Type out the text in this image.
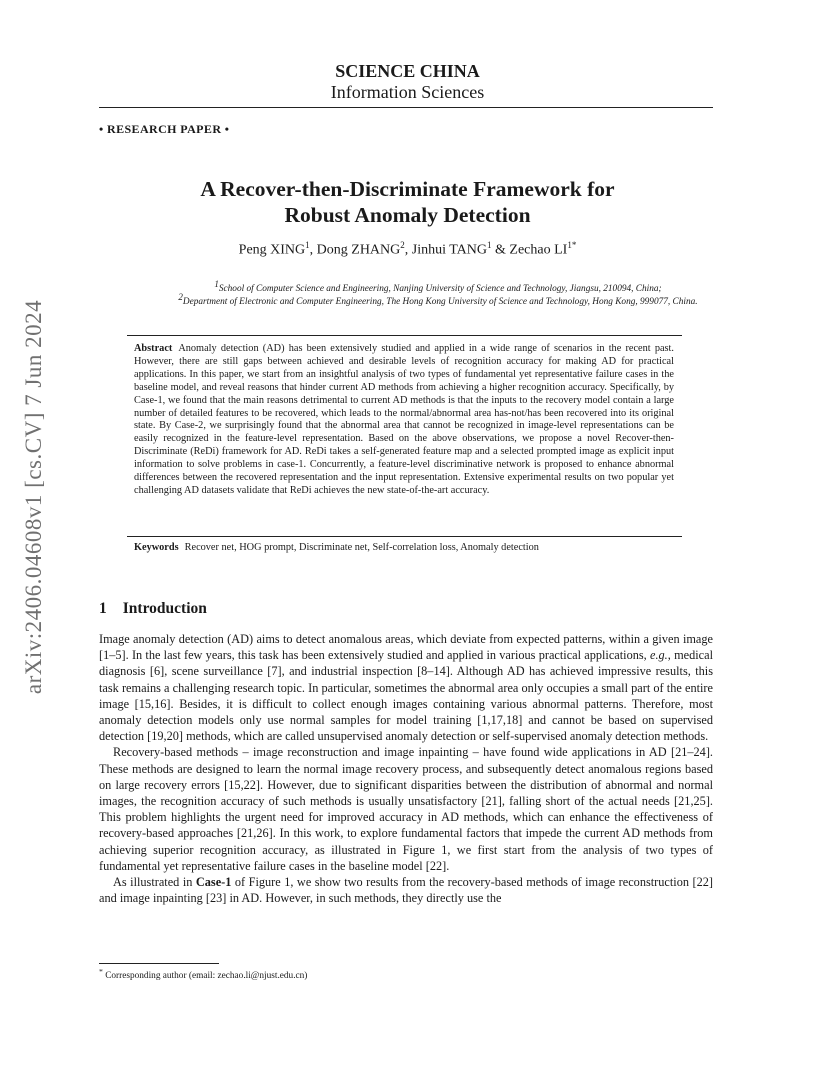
arXiv:2406.04608v1 [cs.CV] 7 Jun 2024
SCIENCE CHINA
Information Sciences
• RESEARCH PAPER •
A Recover-then-Discriminate Framework for
Robust Anomaly Detection
Peng XING$^1$, Dong ZHANG$^2$, Jinhui TANG$^1$ & Zechao $LI^{1*}$
$^1$School of Computer Science and Engineering, Nanjing University of Science and Technology, Jiangsu, 210094, China;
$^2$Department of Electronic and Computer Engineering, The Hong Kong University of Science and Technology, Hong Kong, 999077, China.
Abstract Anomaly detection (AD) has been extensively studied and applied in a wide range of scenarios in the recent past. However, there are still gaps between achieved and desirable levels of recognition accuracy for making AD for practical applications. In this paper, we start from an insightful analysis of two types of fundamental yet representative failure cases in the baseline model, and reveal reasons that hinder current AD methods from achieving a higher recognition accuracy. Specifically, by Case-1, we found that the main reasons detrimental to current AD methods is that the inputs to the recovery model contain a large number of detailed features to be recovered, which leads to the normal/abnormal area has-not/has been recovered into its original state. By Case-2, we surprisingly found that the abnormal area that cannot be recognized in image-level representations can be easily recognized in the feature-level representation. Based on the above observations, we propose a novel Recover-then-Discriminate (ReDi) framework for AD. ReDi takes a self-generated feature map and a selected prompted image as explicit input information to solve problems in case-1. Concurrently, a feature-level discriminative network is proposed to enhance abnormal differences between the recovered representation and the input representation. Extensive experimental results on two popular yet challenging AD datasets validate that ReDi achieves the new state-of-the-art accuracy.
Keywords Recover net, HOG prompt, Discriminate net, Self-correlation loss, Anomaly detection
1 Introduction

Image anomaly detection (AD) aims to detect anomalous areas, which deviate from expected patterns, within a given image [1–5]. In the last few years, this task has been extensively studied and applied in various practical applications, e.g., medical diagnosis [6], scene surveillance [7], and industrial inspection [8–14]. Although AD has achieved impressive results, this task remains a challenging research topic. In particular, sometimes the abnormal area only occupies a small part of the entire image [15,16]. Besides, it is difficult to collect enough images containing various abnormal patterns. Therefore, most anomaly detection models only use normal samples for model training [1,17,18] and cannot be based on supervised detection [19,20] methods, which are called unsupervised anomaly detection or self-supervised anomaly detection methods.

Recovery-based methods – image reconstruction and image inpainting – have found wide applications in AD [21–24]. These methods are designed to learn the normal image recovery process, and subsequently detect anomalous regions based on large recovery errors [15,22]. However, due to significant disparities between the distribution of abnormal and normal images, the recognition accuracy of such methods is usually unsatisfactory [21], falling short of the actual needs [21,25]. This problem highlights the urgent need for improved accuracy in AD methods, which can enhance the effectiveness of recovery-based approaches [21,26]. In this work, to explore fundamental factors that impede the current AD methods from achieving superior recognition accuracy, as illustrated in Figure 1, we first start from the analysis of two types of fundamental yet representative failure cases in the baseline model [22].

As illustrated in Case-1 of Figure 1, we show two results from the recovery-based methods of image reconstruction [22] and image inpainting [23] in AD. However, in such methods, they directly use the

* Corresponding author (email: zechao.li@njust.edu.cn)
